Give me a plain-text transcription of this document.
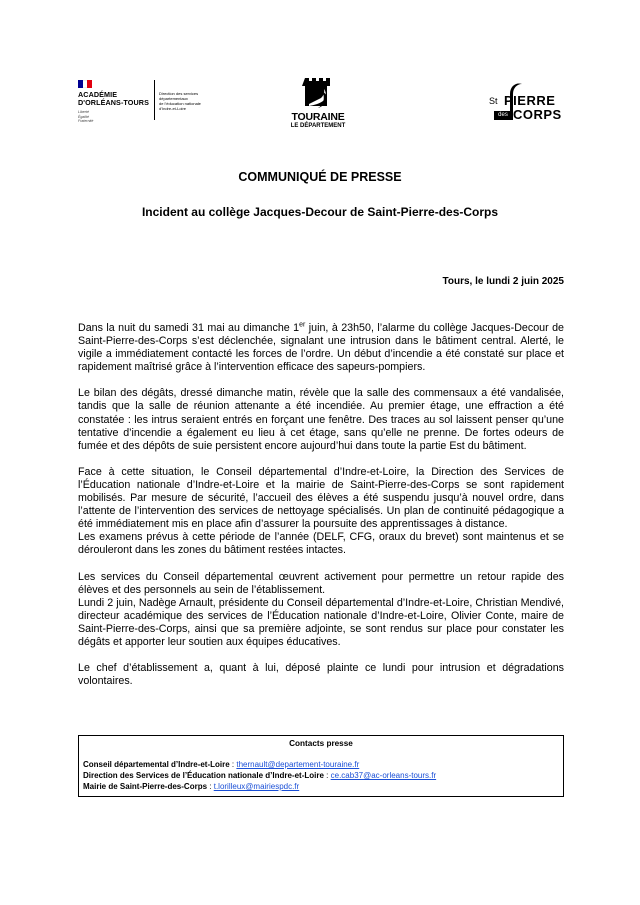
ACADÉMIE
D'ORLÉANS-TOURS
Liberté
Égalité
Fraternité
Direction des services départementaux
de l'éducation nationale
d'Indre-et-Loire
TOURAINE
LE DÉPARTEMENT
St PIERRE
des CORPS
COMMUNIQUÉ DE PRESSE
Incident au collège Jacques-Decour de Saint-Pierre-des-Corps
Tours, le lundi 2 juin 2025

Dans la nuit du samedi 31 mai au dimanche 1er juin, à 23h50, l’alarme du collège Jacques-Decour de Saint-Pierre-des-Corps s’est déclenchée, signalant une intrusion dans le bâtiment central. Alerté, le vigile a immédiatement contacté les forces de l’ordre. Un début d’incendie a été constaté sur place et rapidement maîtrisé grâce à l’intervention efficace des sapeurs-pompiers.

Le bilan des dégâts, dressé dimanche matin, révèle que la salle des commensaux a été vandalisée, tandis que la salle de réunion attenante a été incendiée. Au premier étage, une effraction a été constatée : les intrus seraient entrés en forçant une fenêtre. Des traces au sol laissent penser qu’une tentative d’incendie a également eu lieu à cet étage, sans qu’elle ne prenne. De fortes odeurs de fumée et des dépôts de suie persistent encore aujourd’hui dans toute la partie Est du bâtiment.

Face à cette situation, le Conseil départemental d’Indre-et-Loire, la Direction des Services de l’Éducation nationale d’Indre-et-Loire et la mairie de Saint-Pierre-des-Corps se sont rapidement mobilisés. Par mesure de sécurité, l’accueil des élèves a été suspendu jusqu’à nouvel ordre, dans l’attente de l’intervention des services de nettoyage spécialisés. Un plan de continuité pédagogique a été immédiatement mis en place afin d’assurer la poursuite des apprentissages à distance.

Les examens prévus à cette période de l’année (DELF, CFG, oraux du brevet) sont maintenus et se dérouleront dans les zones du bâtiment restées intactes.

Les services du Conseil départemental œuvrent activement pour permettre un retour rapide des élèves et des personnels au sein de l’établissement.

Lundi 2 juin, Nadège Arnault, présidente du Conseil départemental d’Indre-et-Loire, Christian Mendivé, directeur académique des services de l’Éducation nationale d’Indre-et-Loire, Olivier Conte, maire de Saint-Pierre-des-Corps, ainsi que sa première adjointe, se sont rendus sur place pour constater les dégâts et apporter leur soutien aux équipes éducatives.

Le chef d’établissement a, quant à lui, déposé plainte ce lundi pour intrusion et dégradations volontaires.

Contacts presse
Conseil départemental d’Indre-et-Loire : thernault@departement-touraine.fr
Direction des Services de l’Éducation nationale d’Indre-et-Loire : ce.cab37@ac-orleans-tours.fr
Mairie de Saint-Pierre-des-Corps : t.lorilleux@mairiespdc.fr
